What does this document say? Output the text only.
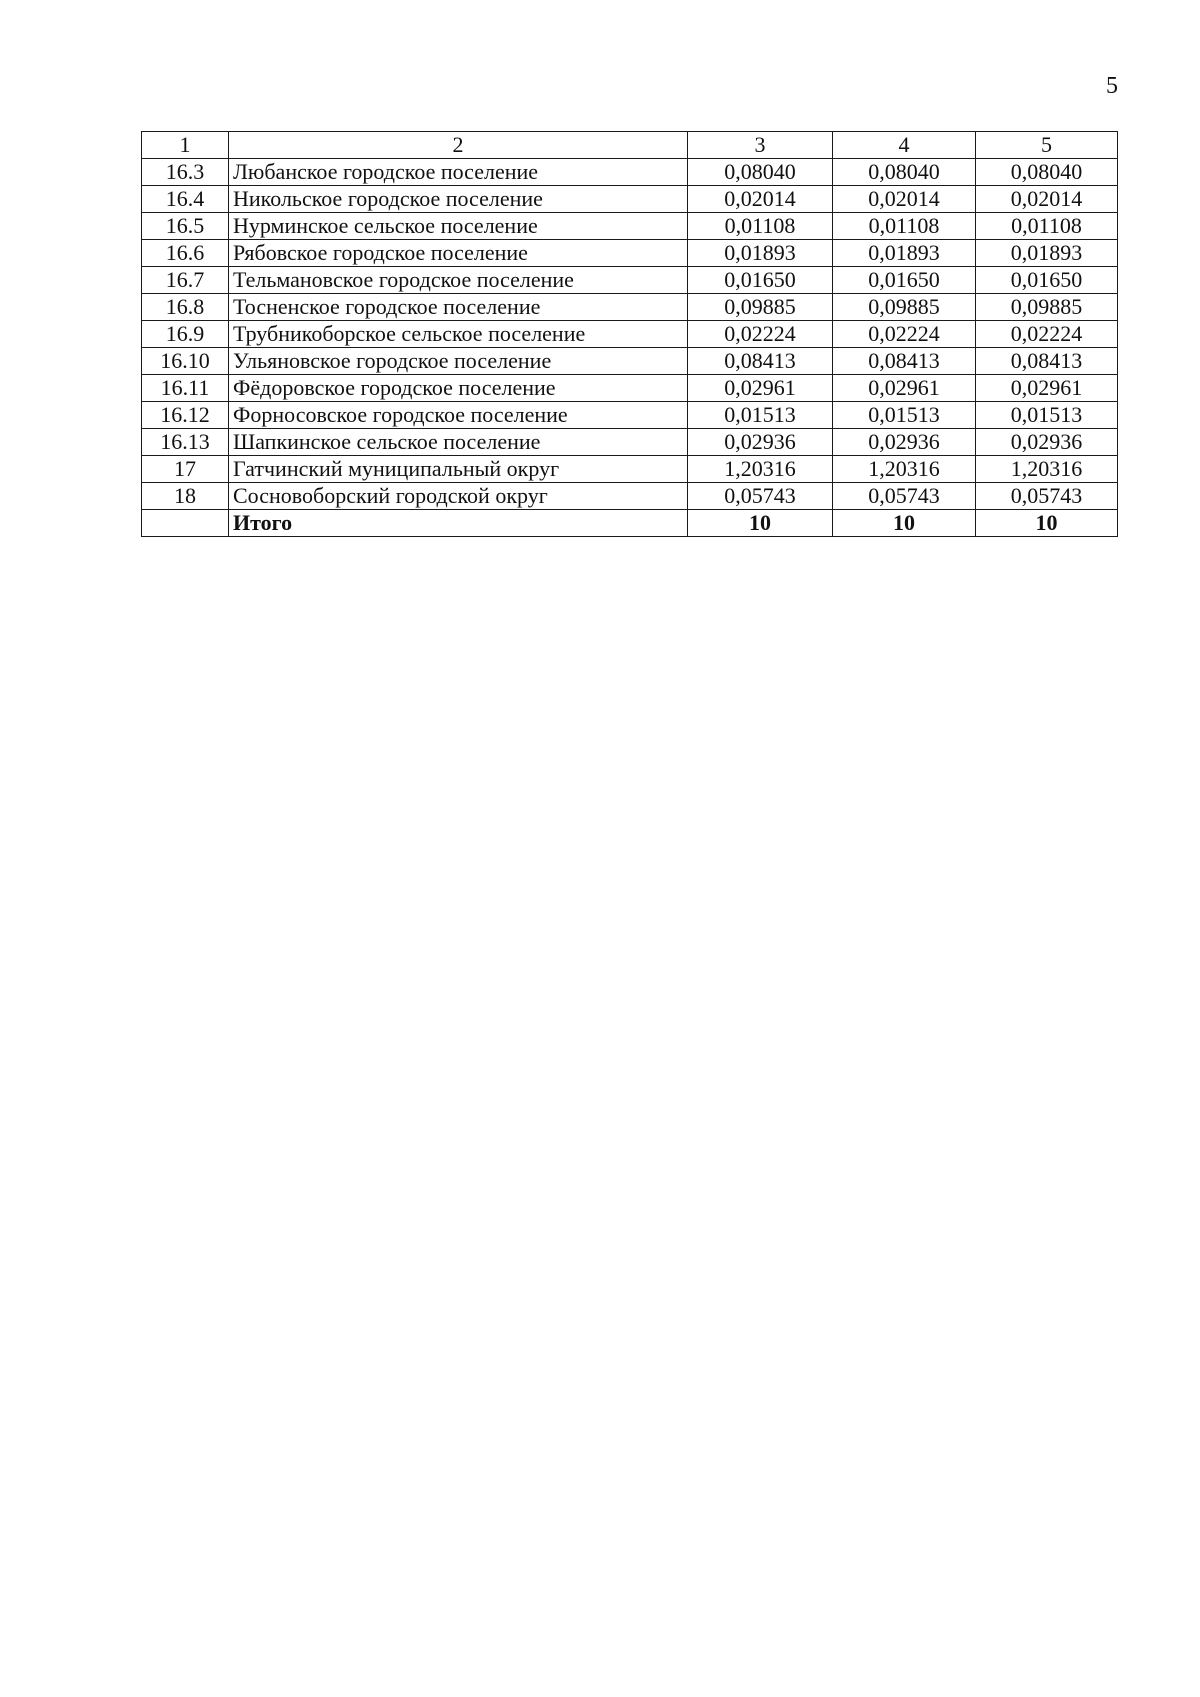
5
1	2	3	4	5
16.3	Любанское городское поселение	0,08040	0,08040	0,08040
16.4	Никольское городское поселение	0,02014	0,02014	0,02014
16.5	Нурминское сельское поселение	0,01108	0,01108	0,01108
16.6	Рябовское городское поселение	0,01893	0,01893	0,01893
16.7	Тельмановское городское поселение	0,01650	0,01650	0,01650
16.8	Тосненское городское поселение	0,09885	0,09885	0,09885
16.9	Трубникоборское сельское поселение	0,02224	0,02224	0,02224
16.10	Ульяновское городское поселение	0,08413	0,08413	0,08413
16.11	Фёдоровское городское поселение	0,02961	0,02961	0,02961
16.12	Форносовское городское поселение	0,01513	0,01513	0,01513
16.13	Шапкинское сельское поселение	0,02936	0,02936	0,02936
17	Гатчинский муниципальный округ	1,20316	1,20316	1,20316
18	Сосновоборский городской округ	0,05743	0,05743	0,05743
	Итого	10	10	10
